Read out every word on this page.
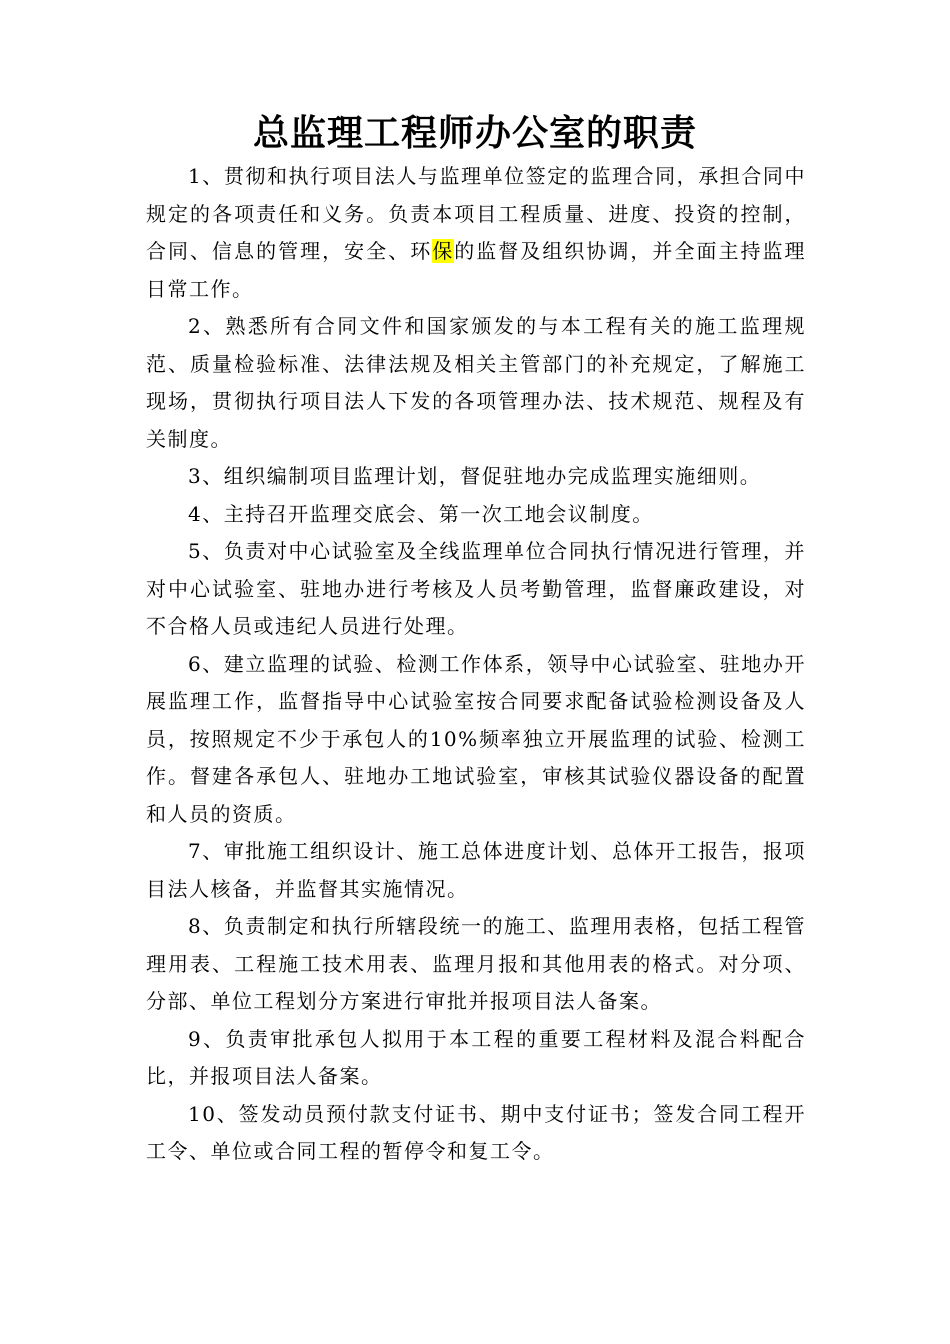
总监理工程师办公室的职责

1、贯彻和执行项目法人与监理单位签定的监理合同，承担合同中规定的各项责任和义务。负责本项目工程质量、进度、投资的控制，合同、信息的管理，安全、环保的监督及组织协调，并全面主持监理日常工作。

2、熟悉所有合同文件和国家颁发的与本工程有关的施工监理规范、质量检验标准、法律法规及相关主管部门的补充规定，了解施工现场，贯彻执行项目法人下发的各项管理办法、技术规范、规程及有关制度。

3、组织编制项目监理计划，督促驻地办完成监理实施细则。

4、主持召开监理交底会、第一次工地会议制度。

5、负责对中心试验室及全线监理单位合同执行情况进行管理，并对中心试验室、驻地办进行考核及人员考勤管理，监督廉政建设，对不合格人员或违纪人员进行处理。

6、建立监理的试验、检测工作体系，领导中心试验室、驻地办开展监理工作，监督指导中心试验室按合同要求配备试验检测设备及人员，按照规定不少于承包人的10%频率独立开展监理的试验、检测工作。督建各承包人、驻地办工地试验室，审核其试验仪器设备的配置和人员的资质。

7、审批施工组织设计、施工总体进度计划、总体开工报告，报项目法人核备，并监督其实施情况。

8、负责制定和执行所辖段统一的施工、监理用表格，包括工程管理用表、工程施工技术用表、监理月报和其他用表的格式。对分项、分部、单位工程划分方案进行审批并报项目法人备案。

9、负责审批承包人拟用于本工程的重要工程材料及混合料配合比，并报项目法人备案。

10、签发动员预付款支付证书、期中支付证书；签发合同工程开工令、单位或合同工程的暂停令和复工令。
